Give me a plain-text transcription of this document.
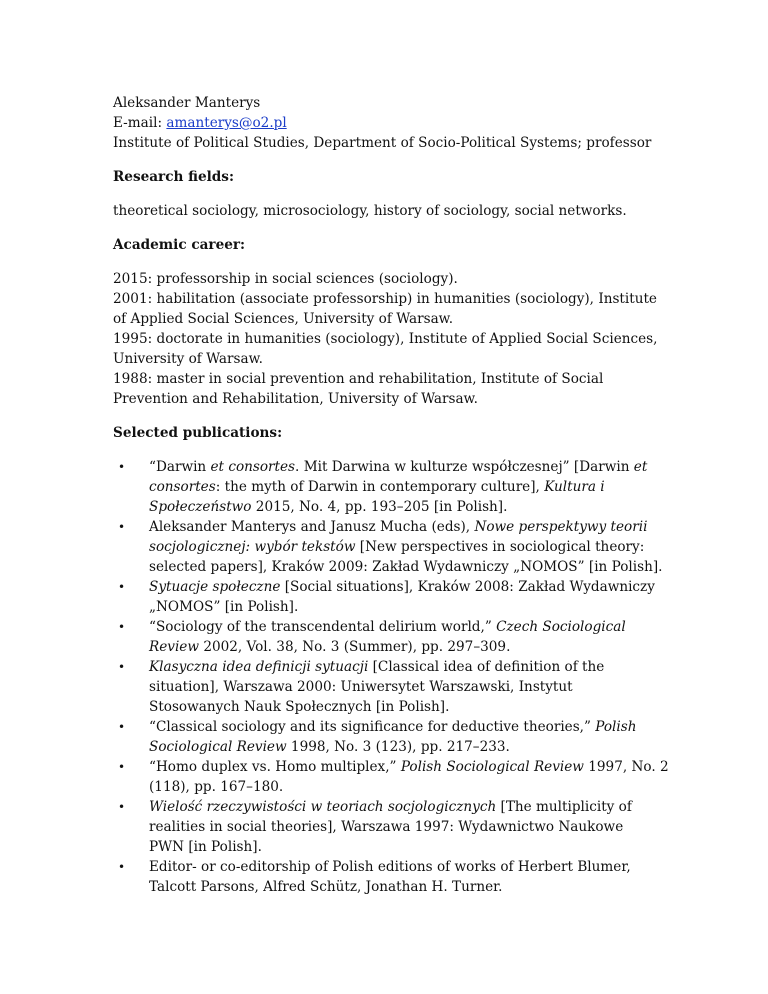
Aleksander Manterys
E-mail: amanterys@o2.pl
Institute of Political Studies, Department of Socio-Political Systems; professor
Research fields:
theoretical sociology, microsociology, history of sociology, social networks.
Academic career:
2015: professorship in social sciences (sociology).
2001: habilitation (associate professorship) in humanities (sociology), Institute
of Applied Social Sciences, University of Warsaw.
1995: doctorate in humanities (sociology), Institute of Applied Social Sciences,
University of Warsaw.
1988: master in social prevention and rehabilitation, Institute of Social
Prevention and Rehabilitation, University of Warsaw.
Selected publications:
• “Darwin et consortes. Mit Darwina w kulturze współczesnej” [Darwin et
consortes: the myth of Darwin in contemporary culture], Kultura i
Społeczeństwo 2015, No. 4, pp. 193–205 [in Polish].
• Aleksander Manterys and Janusz Mucha (eds), Nowe perspektywy teorii
socjologicznej: wybór tekstów [New perspectives in sociological theory:
selected papers], Kraków 2009: Zakład Wydawniczy „NOMOS” [in Polish].
• Sytuacje społeczne [Social situations], Kraków 2008: Zakład Wydawniczy
„NOMOS” [in Polish].
• “Sociology of the transcendental delirium world,” Czech Sociological
Review 2002, Vol. 38, No. 3 (Summer), pp. 297–309.
• Klasyczna idea definicji sytuacji [Classical idea of definition of the
situation], Warszawa 2000: Uniwersytet Warszawski, Instytut
Stosowanych Nauk Społecznych [in Polish].
• “Classical sociology and its significance for deductive theories,” Polish
Sociological Review 1998, No. 3 (123), pp. 217–233.
• “Homo duplex vs. Homo multiplex,” Polish Sociological Review 1997, No. 2
(118), pp. 167–180.
• Wielość rzeczywistości w teoriach socjologicznych [The multiplicity of
realities in social theories], Warszawa 1997: Wydawnictwo Naukowe
PWN [in Polish].
• Editor- or co-editorship of Polish editions of works of Herbert Blumer,
Talcott Parsons, Alfred Schütz, Jonathan H. Turner.
